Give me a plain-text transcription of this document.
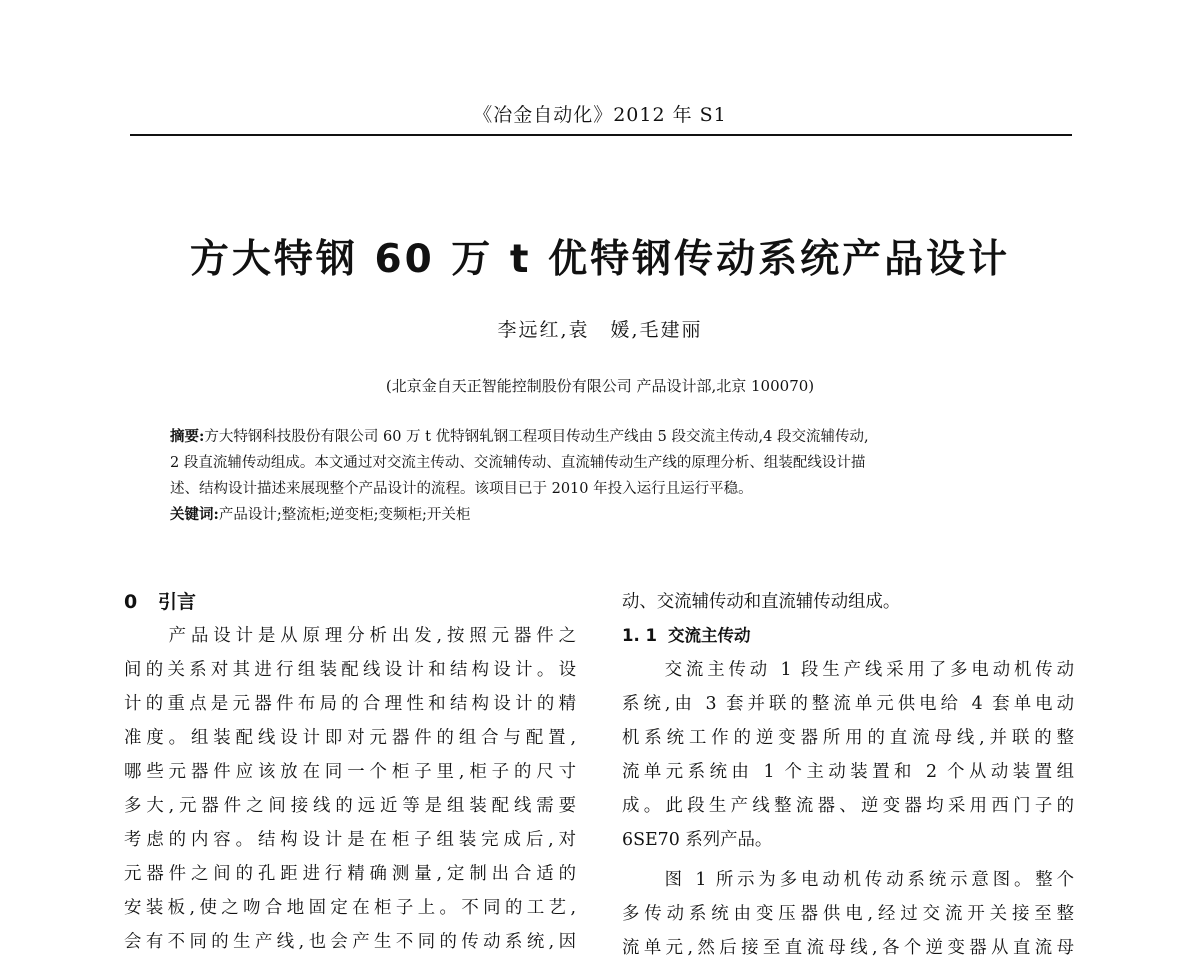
《冶金自动化》2012 年 S1
方大特钢 60 万 t 优特钢传动系统产品设计
李远红,袁　媛,毛建丽
(北京金自天正智能控制股份有限公司 产品设计部,北京 100070)
摘要:方大特钢科技股份有限公司 60 万 t 优特钢轧钢工程项目传动生产线由 5 段交流主传动,4 段交流辅传动,
2 段直流辅传动组成。本文通过对交流主传动、交流辅传动、直流辅传动生产线的原理分析、组装配线设计描
述、结构设计描述来展现整个产品设计的流程。该项目已于 2010 年投入运行且运行平稳。
关键词:产品设计;整流柜;逆变柜;变频柜;开关柜
0 引言
　　产品设计是从原理分析出发,按照元器件之
间的关系对其进行组装配线设计和结构设计。设
计的重点是元器件布局的合理性和结构设计的精
准度。组装配线设计即对元器件的组合与配置,
哪些元器件应该放在同一个柜子里,柜子的尺寸
多大,元器件之间接线的远近等是组装配线需要
考虑的内容。结构设计是在柜子组装完成后,对
元器件之间的孔距进行精确测量,定制出合适的
安装板,使之吻合地固定在柜子上。不同的工艺,
会有不同的生产线,也会产生不同的传动系统,因
动、交流辅传动和直流辅传动组成。
1. 1 交流主传动
　　交流主传动 1 段生产线采用了多电动机传动
系统,由 3 套并联的整流单元供电给 4 套单电动
机系统工作的逆变器所用的直流母线,并联的整
流单元系统由 1 个主动装置和 2 个从动装置组
成。此段生产线整流器、逆变器均采用西门子的
6SE70 系列产品。
　　图 1 所示为多电动机传动系统示意图。整个
多传动系统由变压器供电,经过交流开关接至整
流单元,然后接至直流母线,各个逆变器从直流母
